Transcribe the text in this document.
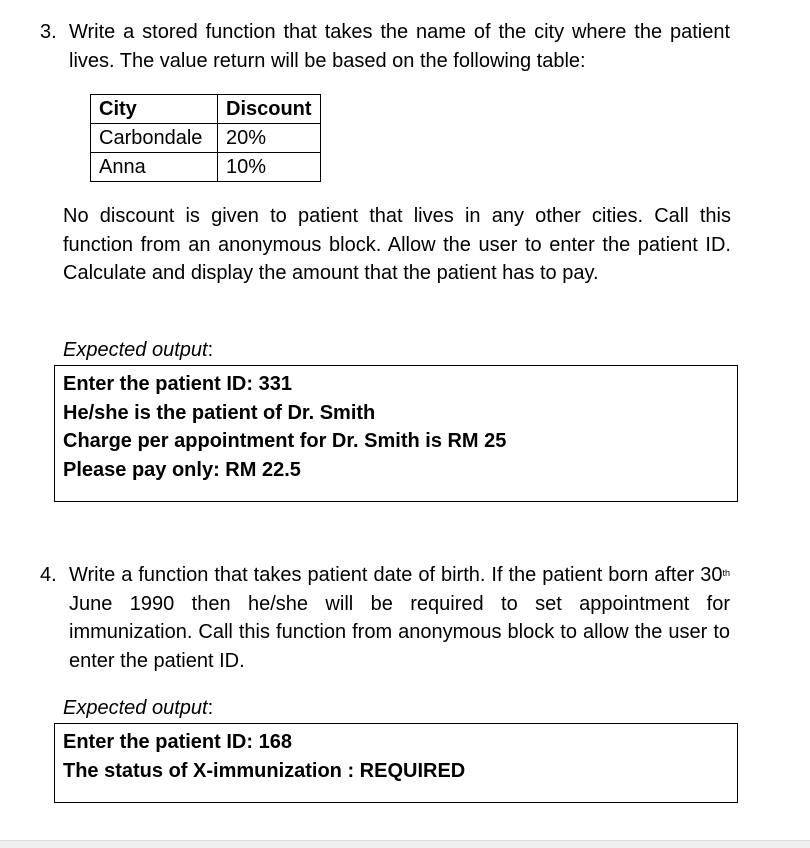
3. Write a stored function that takes the name of the city where the patient lives. The value return will be based on the following table:
City	Discount
Carbondale	20%
Anna	10%
No discount is given to patient that lives in any other cities. Call this function from an anonymous block. Allow the user to enter the patient ID. Calculate and display the amount that the patient has to pay.
Expected output:
Enter the patient ID: 331
He/she is the patient of Dr. Smith
Charge per appointment for Dr. Smith is RM 25
Please pay only: RM 22.5
4. Write a function that takes patient date of birth. If the patient born after 30th June 1990 then he/she will be required to set appointment for immunization. Call this function from anonymous block to allow the user to enter the patient ID.
Expected output:
Enter the patient ID: 168
The status of X-immunization : REQUIRED
